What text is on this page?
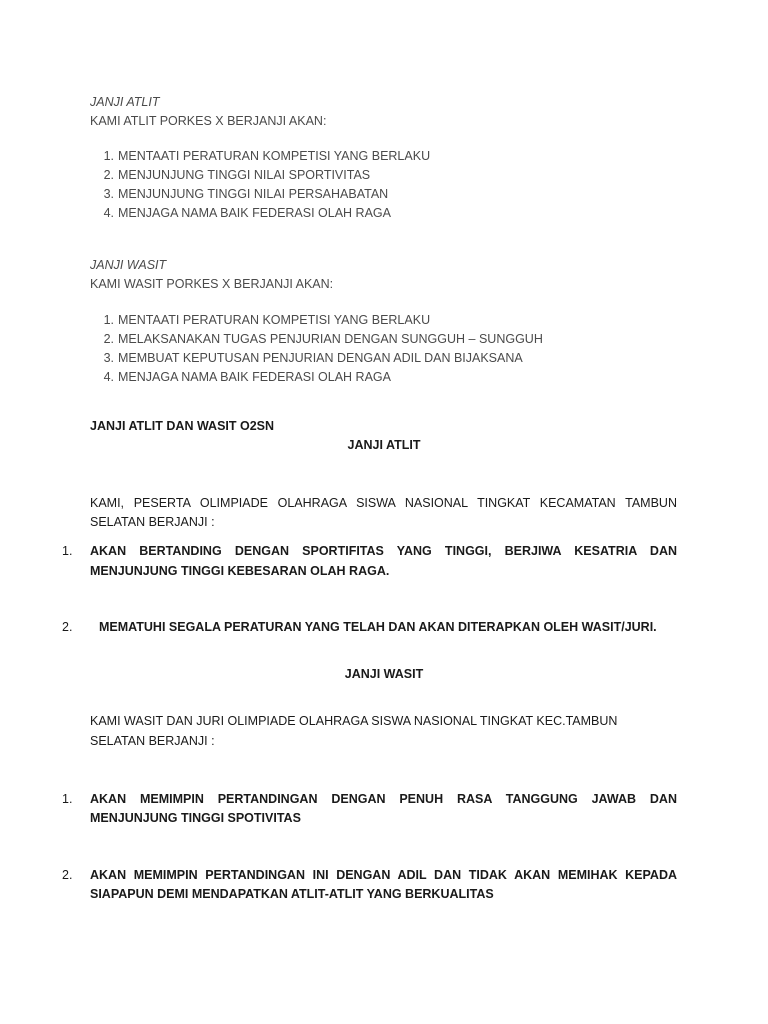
JANJI ATLIT

KAMI ATLIT PORKES X BERJANJI AKAN:

1. MENTAATI PERATURAN KOMPETISI YANG BERLAKU
2. MENJUNJUNG TINGGI NILAI SPORTIVITAS
3. MENJUNJUNG TINGGI NILAI PERSAHABATAN
4. MENJAGA NAMA BAIK FEDERASI OLAH RAGA

JANJI WASIT

KAMI WASIT PORKES X BERJANJI AKAN:

1. MENTAATI PERATURAN KOMPETISI YANG BERLAKU
2. MELAKSANAKAN TUGAS PENJURIAN DENGAN SUNGGUH – SUNGGUH
3. MEMBUAT KEPUTUSAN PENJURIAN DENGAN ADIL DAN BIJAKSANA
4. MENJAGA NAMA BAIK FEDERASI OLAH RAGA

JANJI ATLIT DAN WASIT O2SN

JANJI ATLIT

KAMI, PESERTA OLIMPIADE OLAHRAGA SISWA NASIONAL TINGKAT KECAMATAN TAMBUN

SELATAN BERJANJI :

1. AKAN BERTANDING DENGAN SPORTIFITAS YANG TINGGI, BERJIWA KESATRIA DAN

MENJUNJUNG TINGGI KEBESARAN OLAH RAGA.

2. MEMATUHI SEGALA PERATURAN YANG TELAH DAN AKAN DITERAPKAN OLEH WASIT/JURI.

JANJI WASIT

KAMI WASIT DAN JURI OLIMPIADE OLAHRAGA SISWA NASIONAL TINGKAT KEC.TAMBUN

SELATAN BERJANJI :

1. AKAN MEMIMPIN PERTANDINGAN DENGAN PENUH RASA TANGGUNG JAWAB DAN

MENJUNJUNG TINGGI SPOTIVITAS

2. AKAN MEMIMPIN PERTANDINGAN INI DENGAN ADIL DAN TIDAK AKAN MEMIHAK KEPADA

SIAPAPUN DEMI MENDAPATKAN ATLIT-ATLIT YANG BERKUALITAS
